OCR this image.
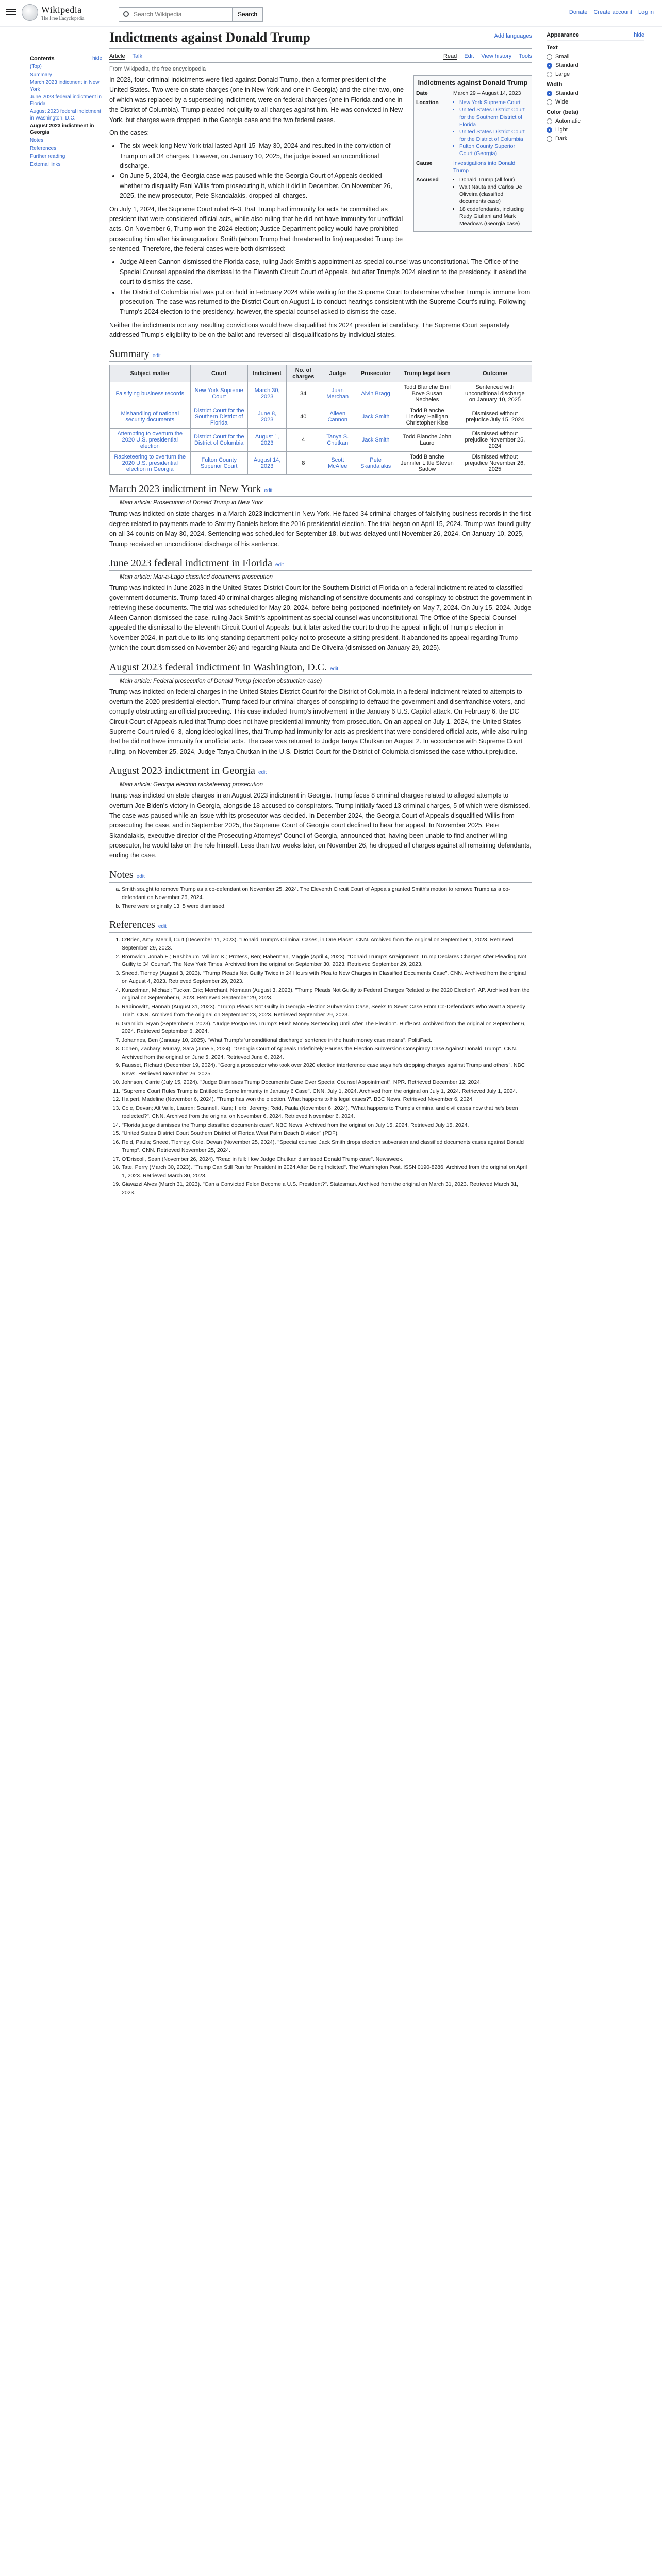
Wikipedia
The Free Encyclopedia
Search Wikipedia	Search	Donate Create account Log in
Contents	hide
(Top)
Summary
March 2023 indictment in New York
June 2023 federal indictment in Florida
August 2023 federal indictment in Washington, D.C.
August 2023 indictment in Georgia
Notes
References
Further reading
External links
Indictments against Donald Trump	Add languages
Article Talk	Read Edit View history Tools
From Wikipedia, the free encyclopedia
Indictments against Donald Trump
Date	March 29 – August 14, 2023
Location	• New York Supreme Court
• United States District Court for the Southern District of Florida
• United States District Court for the District of Columbia
• Fulton County Superior Court (Georgia)
Cause	Investigations into Donald Trump
Accused	• Donald Trump (all four)
• Walt Nauta and Carlos De Oliveira (classified documents case)
• 18 codefendants, including Rudy Giuliani and Mark Meadows (Georgia case)

In 2023, four criminal indictments were filed against Donald Trump, then a former president of the United States. Two were on state charges (one in New York and one in Georgia) and the other two, one of which was replaced by a superseding indictment, were on federal charges (one in Florida and one in the District of Columbia). Trump pleaded not guilty to all charges against him. He was convicted in New York, but charges were dropped in the Georgia case and the two federal cases.

On the cases:

• The six-week-long New York trial lasted April 15–May 30, 2024 and resulted in the conviction of Trump on all 34 charges. However, on January 10, 2025, the judge issued an unconditional discharge.
• On June 5, 2024, the Georgia case was paused while the Georgia Court of Appeals decided whether to disqualify Fani Willis from prosecuting it, which it did in December. On November 26, 2025, the new prosecutor, Pete Skandalakis, dropped all charges.

On July 1, 2024, the Supreme Court ruled 6–3, that Trump had immunity for acts he committed as president that were considered official acts, while also ruling that he did not have immunity for unofficial acts. On November 6, Trump won the 2024 election; Justice Department policy would have prohibited prosecuting him after his inauguration; Smith (whom Trump had threatened to fire) requested Trump be sentenced. Therefore, the federal cases were both dismissed:

• Judge Aileen Cannon dismissed the Florida case, ruling Jack Smith's appointment as special counsel was unconstitutional. The Office of the Special Counsel appealed the dismissal to the Eleventh Circuit Court of Appeals, but after Trump's 2024 election to the presidency, it asked the court to dismiss the case.
• The District of Columbia trial was put on hold in February 2024 while waiting for the Supreme Court to determine whether Trump is immune from prosecution. The case was returned to the District Court on August 1 to conduct hearings consistent with the Supreme Court's ruling. Following Trump's 2024 election to the presidency, however, the special counsel asked to dismiss the case.

Neither the indictments nor any resulting convictions would have disqualified his 2024 presidential candidacy. The Supreme Court separately addressed Trump's eligibility to be on the ballot and reversed all disqualifications by individual states.

Summary edit
Subject matter	Court	Indictment	No. of charges	Judge	Prosecutor	Trump legal team	Outcome
Falsifying business records	New York Supreme Court	March 30, 2023	34	Juan Merchan	Alvin Bragg	Todd Blanche Emil Bove Susan Necheles	Sentenced with unconditional discharge on January 10, 2025
Mishandling of national security documents	District Court for the Southern District of Florida	June 8, 2023	40	Aileen Cannon	Jack Smith	Todd Blanche Lindsey Halligan Christopher Kise	Dismissed without prejudice July 15, 2024
Attempting to overturn the 2020 U.S. presidential election	District Court for the District of Columbia	August 1, 2023	4	Tanya S. Chutkan	Jack Smith	Todd Blanche John Lauro	Dismissed without prejudice November 25, 2024
Racketeering to overturn the 2020 U.S. presidential election in Georgia	Fulton County Superior Court	August 14, 2023	8	Scott McAfee	Pete Skandalakis	Todd Blanche Jennifer Little Steven Sadow	Dismissed without prejudice November 26, 2025
March 2023 indictment in New York edit
Main article: Prosecution of Donald Trump in New York

Trump was indicted on state charges in a March 2023 indictment in New York. He faced 34 criminal charges of falsifying business records in the first degree related to payments made to Stormy Daniels before the 2016 presidential election. The trial began on April 15, 2024. Trump was found guilty on all 34 counts on May 30, 2024. Sentencing was scheduled for September 18, but was delayed until November 26, 2024. On January 10, 2025, Trump received an unconditional discharge of his sentence.

June 2023 federal indictment in Florida edit
Main article: Mar-a-Lago classified documents prosecution

Trump was indicted in June 2023 in the United States District Court for the Southern District of Florida on a federal indictment related to classified government documents. Trump faced 40 criminal charges alleging mishandling of sensitive documents and conspiracy to obstruct the government in retrieving these documents. The trial was scheduled for May 20, 2024, before being postponed indefinitely on May 7, 2024. On July 15, 2024, Judge Aileen Cannon dismissed the case, ruling Jack Smith's appointment as special counsel was unconstitutional. The Office of the Special Counsel appealed the dismissal to the Eleventh Circuit Court of Appeals, but it later asked the court to drop the appeal in light of Trump's election in November 2024, in part due to its long-standing department policy not to prosecute a sitting president. It abandoned its appeal regarding Trump (which the court dismissed on November 26) and regarding Nauta and De Oliveira (dismissed on January 29, 2025).

August 2023 federal indictment in Washington, D.C. edit
Main article: Federal prosecution of Donald Trump (election obstruction case)

Trump was indicted on federal charges in the United States District Court for the District of Columbia in a federal indictment related to attempts to overturn the 2020 presidential election. Trump faced four criminal charges of conspiring to defraud the government and disenfranchise voters, and corruptly obstructing an official proceeding. This case included Trump's involvement in the January 6 U.S. Capitol attack. On February 6, the DC Circuit Court of Appeals ruled that Trump does not have presidential immunity from prosecution. On an appeal on July 1, 2024, the United States Supreme Court ruled 6–3, along ideological lines, that Trump had immunity for acts as president that were considered official acts, while also ruling that he did not have immunity for unofficial acts. The case was returned to Judge Tanya Chutkan on August 2. In accordance with Supreme Court ruling, on November 25, 2024, Judge Tanya Chutkan in the U.S. District Court for the District of Columbia dismissed the case without prejudice.

August 2023 indictment in Georgia edit
Main article: Georgia election racketeering prosecution

Trump was indicted on state charges in an August 2023 indictment in Georgia. Trump faces 8 criminal charges related to alleged attempts to overturn Joe Biden's victory in Georgia, alongside 18 accused co-conspirators. Trump initially faced 13 criminal charges, 5 of which were dismissed. The case was paused while an issue with its prosecutor was decided. In December 2024, the Georgia Court of Appeals disqualified Willis from prosecuting the case, and in September 2025, the Supreme Court of Georgia court declined to hear her appeal. In November 2025, Pete Skandalakis, executive director of the Prosecuting Attorneys' Council of Georgia, announced that, having been unable to find another willing prosecutor, he would take on the role himself. Less than two weeks later, on November 26, he dropped all charges against all remaining defendants, ending the case.

Notes edit
a. Smith sought to remove Trump as a co-defendant on November 25, 2024. The Eleventh Circuit Court of Appeals granted Smith's motion to remove Trump as a co-defendant on November 26, 2024.
b. There were originally 13, 5 were dismissed.
References edit
1. O'Brien, Amy; Merrill, Curt (December 11, 2023). "Donald Trump's Criminal Cases, in One Place". CNN. Archived from the original on September 1, 2023. Retrieved September 29, 2023.
2. Bromwich, Jonah E.; Rashbaum, William K.; Protess, Ben; Haberman, Maggie (April 4, 2023). "Donald Trump's Arraignment: Trump Declares Charges After Pleading Not Guilty to 34 Counts". The New York Times. Archived from the original on September 30, 2023. Retrieved September 29, 2023.
3. Sneed, Tierney (August 3, 2023). "Trump Pleads Not Guilty Twice in 24 Hours with Plea to New Charges in Classified Documents Case". CNN. Archived from the original on August 4, 2023. Retrieved September 29, 2023.
4. Kunzelman, Michael; Tucker, Eric; Merchant, Nomaan (August 3, 2023). "Trump Pleads Not Guilty to Federal Charges Related to the 2020 Election". AP. Archived from the original on September 6, 2023. Retrieved September 29, 2023.
5. Rabinowitz, Hannah (August 31, 2023). "Trump Pleads Not Guilty in Georgia Election Subversion Case, Seeks to Sever Case From Co-Defendants Who Want a Speedy Trial". CNN. Archived from the original on September 23, 2023. Retrieved September 29, 2023.
6. Gramlich, Ryan (September 6, 2023). "Judge Postpones Trump's Hush Money Sentencing Until After The Election". HuffPost. Archived from the original on September 6, 2024. Retrieved September 6, 2024.
7. Johannes, Ben (January 10, 2025). "What Trump's 'unconditional discharge' sentence in the hush money case means". PolitiFact.
8. Cohen, Zachary; Murray, Sara (June 5, 2024). "Georgia Court of Appeals Indefinitely Pauses the Election Subversion Conspiracy Case Against Donald Trump". CNN. Archived from the original on June 5, 2024. Retrieved June 6, 2024.
9. Fausset, Richard (December 19, 2024). "Georgia prosecutor who took over 2020 election interference case says he's dropping charges against Trump and others". NBC News. Retrieved November 26, 2025.
10. Johnson, Carrie (July 15, 2024). "Judge Dismisses Trump Documents Case Over Special Counsel Appointment". NPR. Retrieved December 12, 2024.
11. "Supreme Court Rules Trump is Entitled to Some Immunity in January 6 Case". CNN. July 1, 2024. Archived from the original on July 1, 2024. Retrieved July 1, 2024.
12. Halpert, Madeline (November 6, 2024). "Trump has won the election. What happens to his legal cases?". BBC News. Retrieved November 6, 2024.
13. Cole, Devan; Alt Valle, Lauren; Scannell, Kara; Herb, Jeremy; Reid, Paula (November 6, 2024). "What happens to Trump's criminal and civil cases now that he's been reelected?". CNN. Archived from the original on November 6, 2024. Retrieved November 6, 2024.
14. "Florida judge dismisses the Trump classified documents case". NBC News. Archived from the original on July 15, 2024. Retrieved July 15, 2024.
15. "United States District Court Southern District of Florida West Palm Beach Division" (PDF).
16. Reid, Paula; Sneed, Tierney; Cole, Devan (November 25, 2024). "Special counsel Jack Smith drops election subversion and classified documents cases against Donald Trump". CNN. Retrieved November 25, 2024.
17. O'Driscoll, Sean (November 26, 2024). "Read in full: How Judge Chutkan dismissed Donald Trump case". Newsweek.
18. Tate, Perry (March 30, 2023). "Trump Can Still Run for President in 2024 After Being Indicted". The Washington Post. ISSN 0190-8286. Archived from the original on April 1, 2023. Retrieved March 30, 2023.
19. Giavazzi Alves (March 31, 2023). "Can a Convicted Felon Become a U.S. President?". Statesman. Archived from the original on March 31, 2023. Retrieved March 31, 2023.
Appearance	hide
Text
Small
Standard
Large
Width
Standard
Wide
Color (beta)
Automatic
Light
Dark
